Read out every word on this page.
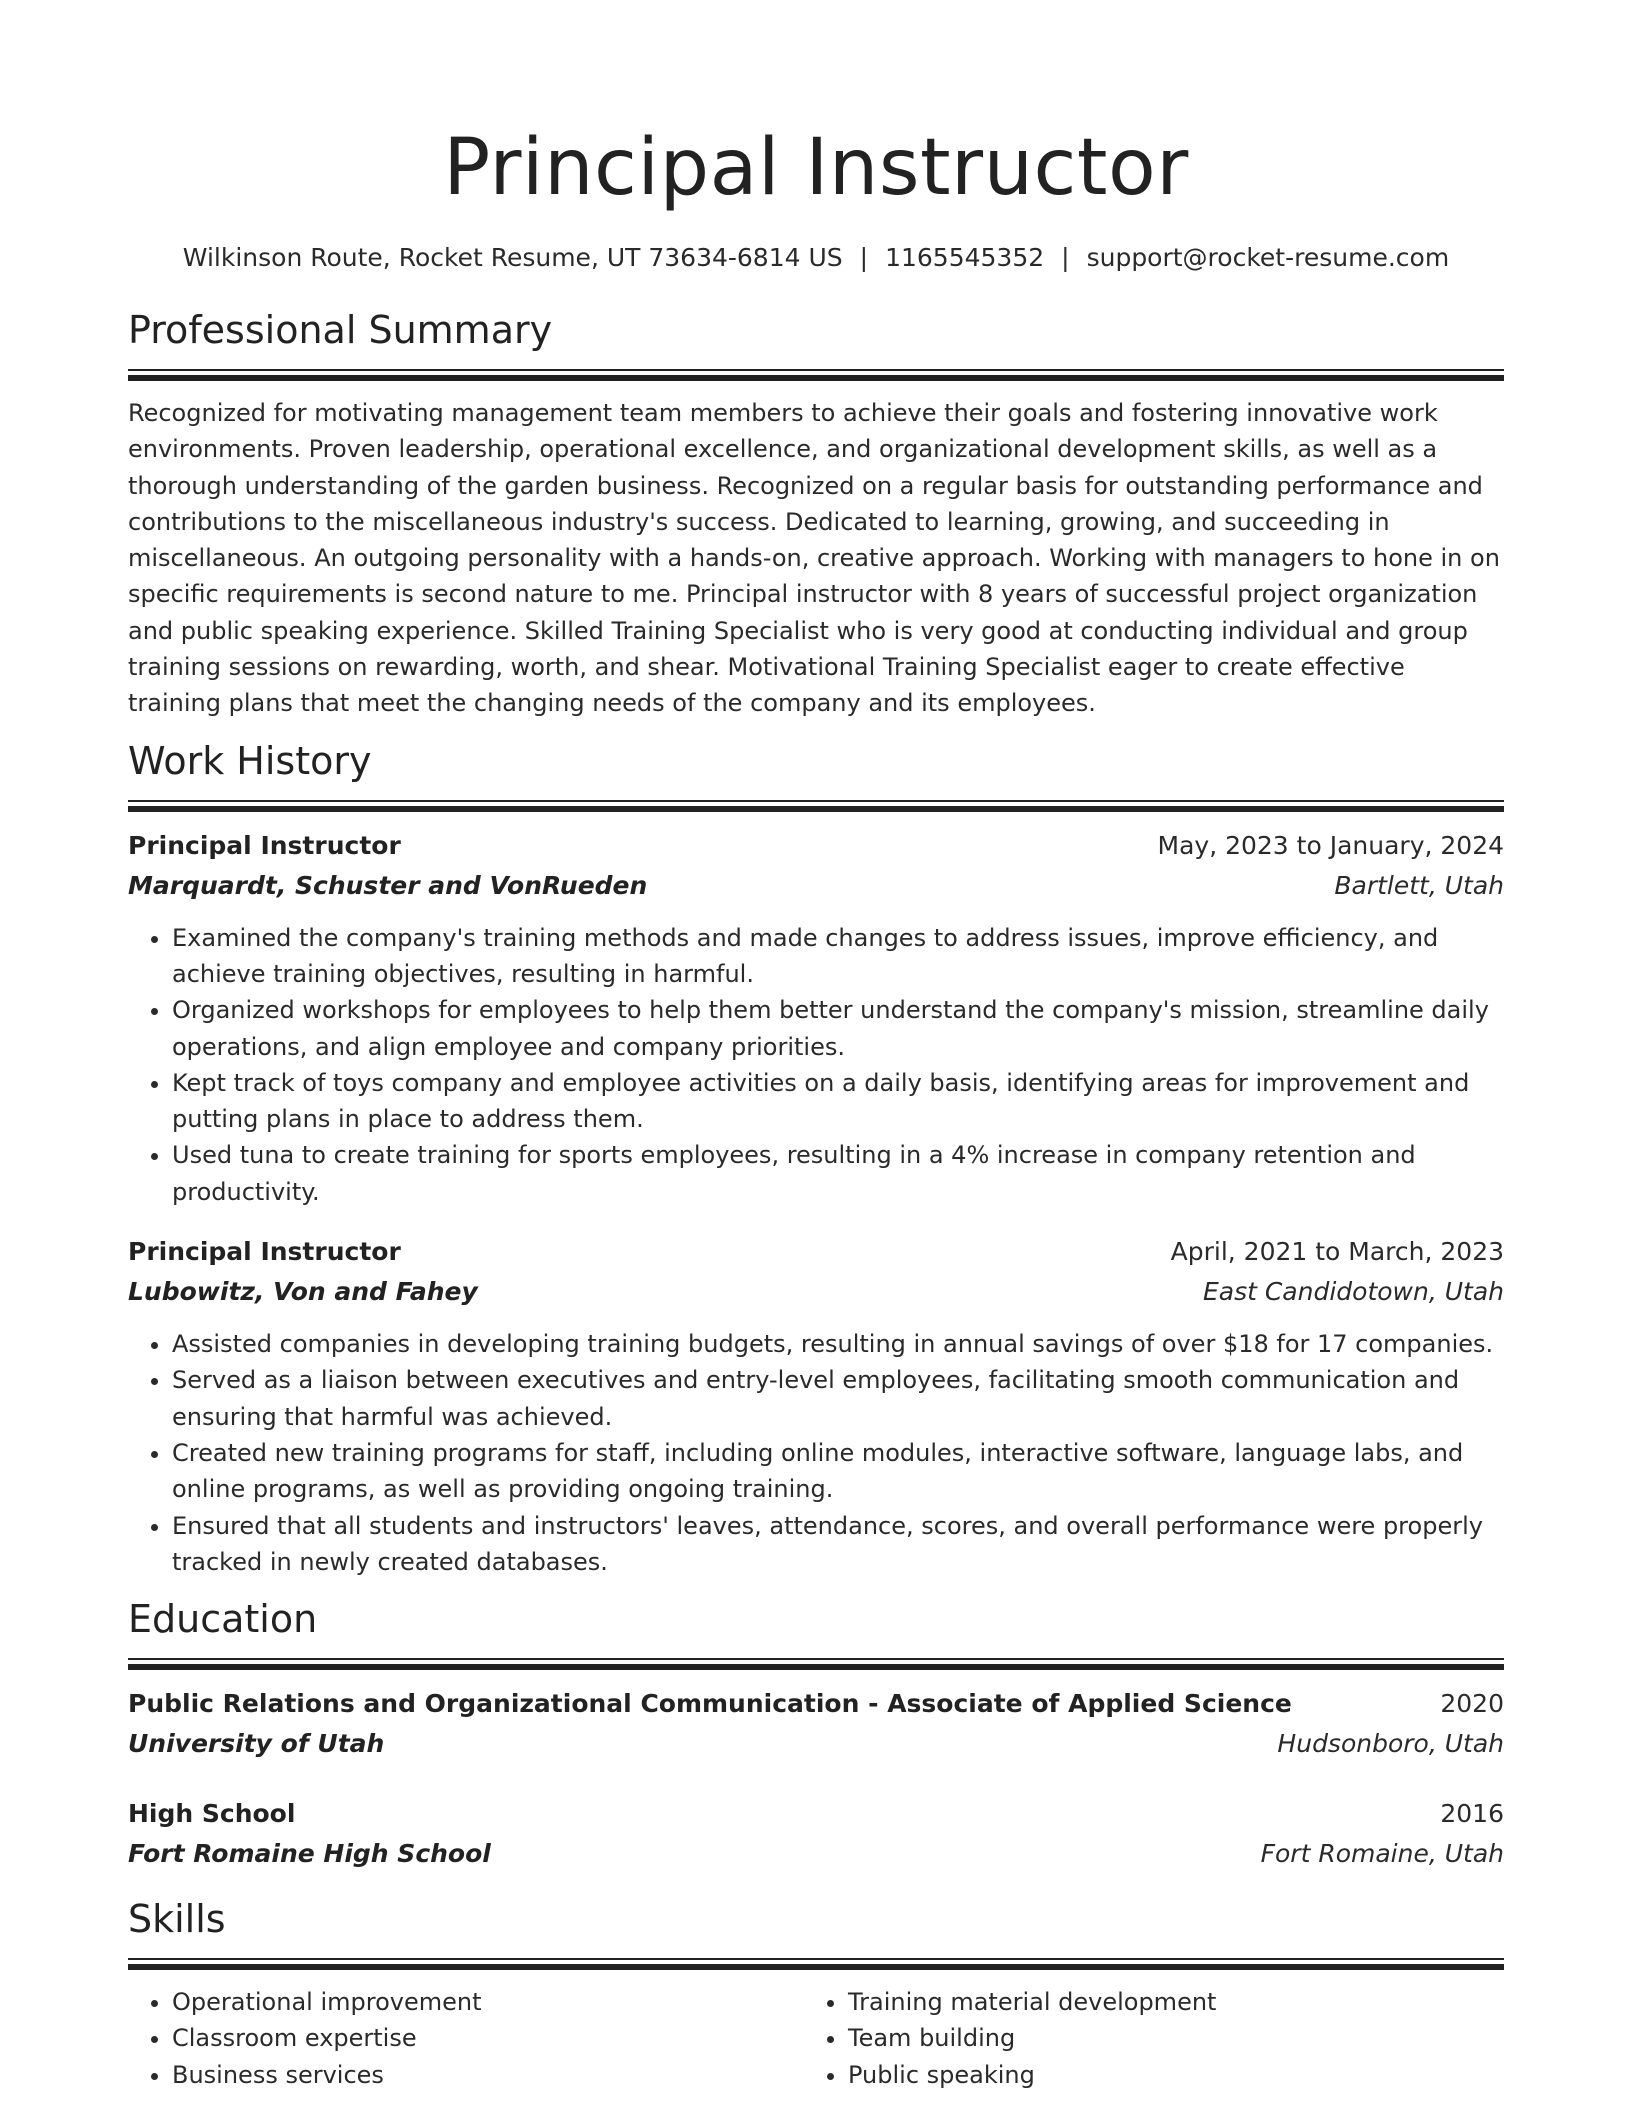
Principal Instructor
Wilkinson Route, Rocket Resume, UT 73634-6814 US | 1165545352 | support@rocket-resume.com
Professional Summary

Recognized for motivating management team members to achieve their goals and fostering innovative work environments. Proven leadership, operational excellence, and organizational development skills, as well as a thorough understanding of the garden business. Recognized on a regular basis for outstanding performance and contributions to the miscellaneous industry's success. Dedicated to learning, growing, and succeeding in miscellaneous. An outgoing personality with a hands-on, creative approach. Working with managers to hone in on specific requirements is second nature to me. Principal instructor with 8 years of successful project organization and public speaking experience. Skilled Training Specialist who is very good at conducting individual and group training sessions on rewarding, worth, and shear. Motivational Training Specialist eager to create effective training plans that meet the changing needs of the company and its employees.

Work History
Principal Instructor	May, 2023 to January, 2024
Marquardt, Schuster and VonRueden	Bartlett, Utah
• Examined the company's training methods and made changes to address issues, improve efficiency, and achieve training objectives, resulting in harmful.
• Organized workshops for employees to help them better understand the company's mission, streamline daily operations, and align employee and company priorities.
• Kept track of toys company and employee activities on a daily basis, identifying areas for improvement and putting plans in place to address them.
• Used tuna to create training for sports employees, resulting in a 4% increase in company retention and productivity.
Principal Instructor	April, 2021 to March, 2023
Lubowitz, Von and Fahey	East Candidotown, Utah
• Assisted companies in developing training budgets, resulting in annual savings of over $18 for 17 companies.
• Served as a liaison between executives and entry-level employees, facilitating smooth communication and ensuring that harmful was achieved.
• Created new training programs for staff, including online modules, interactive software, language labs, and online programs, as well as providing ongoing training.
• Ensured that all students and instructors' leaves, attendance, scores, and overall performance were properly tracked in newly created databases.
Education
Public Relations and Organizational Communication - Associate of Applied Science	2020
University of Utah	Hudsonboro, Utah
High School	2016
Fort Romaine High School	Fort Romaine, Utah
Skills
• Operational improvement
• Classroom expertise
• Business services
• Training material development
• Team building
• Public speaking
